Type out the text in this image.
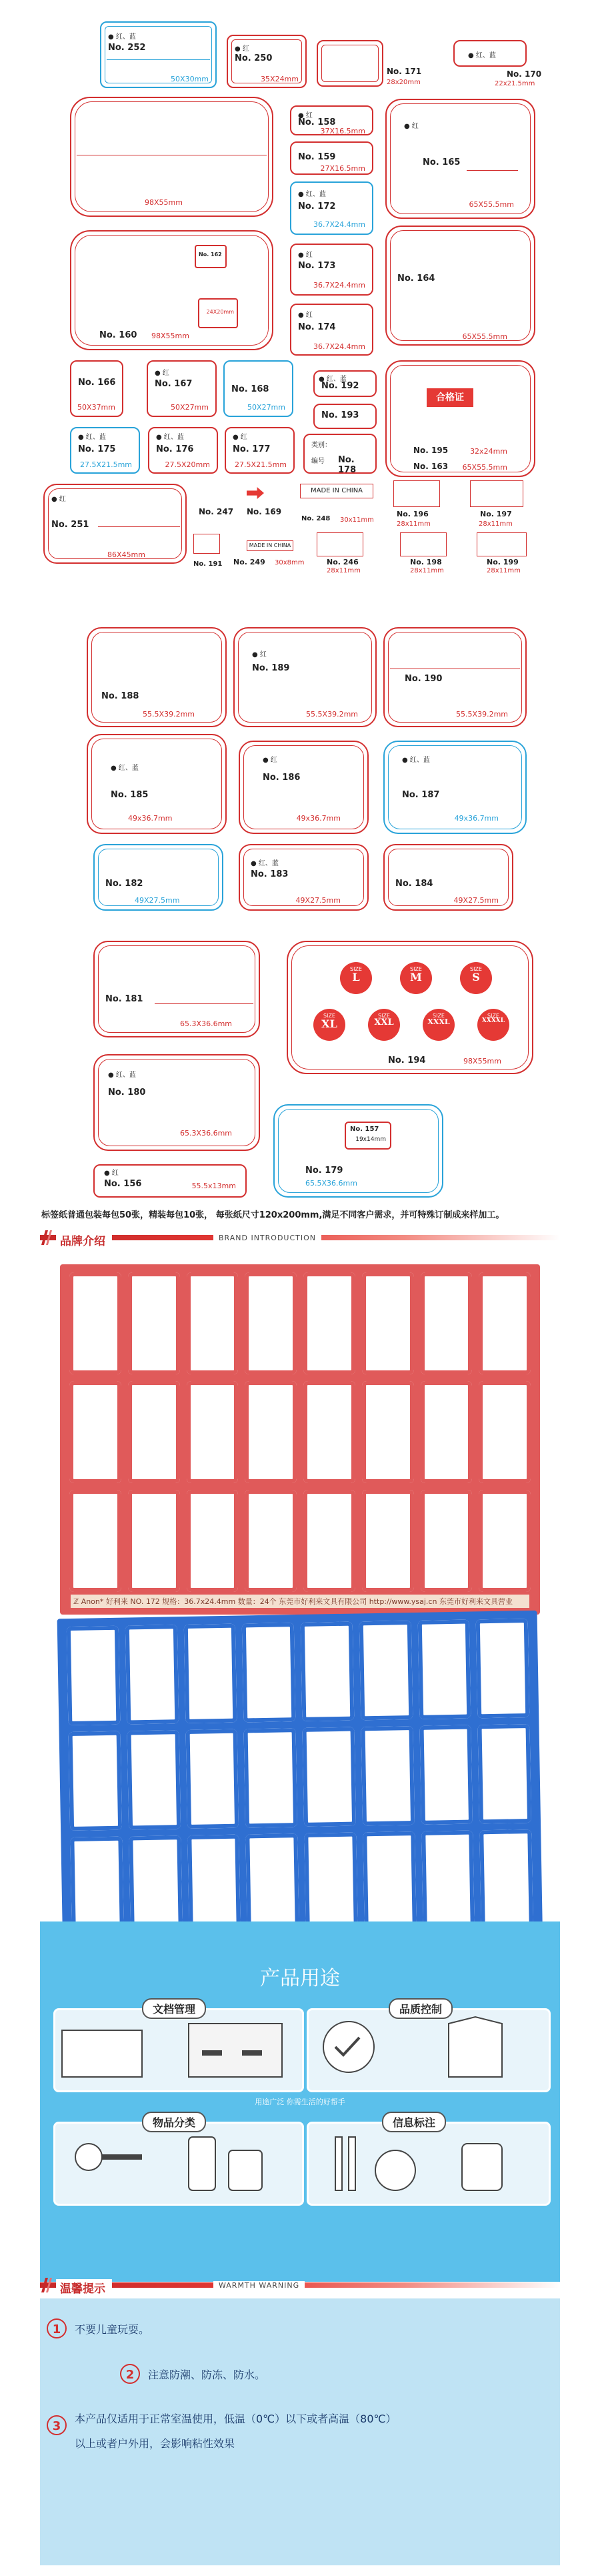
● 红、蓝
No. 252
50X30mm
● 红
No. 250
35X24mm
No. 171
28x20mm
● 红、蓝
No. 170
22x21.5mm
98X55mm
● 红
No. 158
37X16.5mm
No. 159
27X16.5mm
● 红、蓝
No. 172
36.7X24.4mm
● 红
No. 165
65X55.5mm
No. 162
24X20mm
No. 160 98X55mm
● 红
No. 173
36.7X24.4mm
● 红
No. 174
36.7X24.4mm
No. 164
65X55.5mm
No. 166
50X37mm
● 红
No. 167
50X27mm
No. 168
50X27mm
● 红、蓝
No. 192
No. 193
合格证
No. 195	32x24mm
No. 163 65X55.5mm
● 红、蓝
No. 175
27.5X21.5mm
● 红、蓝
No. 176
27.5X20mm
● 红
No. 177
27.5X21.5mm
类别：
编号 No. 178
● 红
No. 251
86X45mm
No. 247 No. 169
MADE IN CHINA
No. 248 30x11mm
No. 196
28x11mm
No. 197
28x11mm
No. 191
MADE IN CHINA
No. 249 30x8mm	No. 246
28x11mm
No. 198
28x11mm
No. 199
28x11mm
No. 188
55.5X39.2mm
● 红
No. 189
55.5X39.2mm
No. 190
55.5X39.2mm
● 红、蓝
No. 185
49x36.7mm
● 红
No. 186
49x36.7mm
● 红、蓝
No. 187
49x36.7mm
No. 182
49X27.5mm
● 红、蓝
No. 183
49X27.5mm
No. 184
49X27.5mm
No. 181
65.3X36.6mm
No. 194	98X55mm
SIZE
L
SIZE
M
SIZE
S
SIZE
XL
SIZE
XXL
SIZE
XXXL
SIZE
XXXXL
● 红、蓝
No. 180
65.3X36.6mm	No. 157
19x14mm
No. 179
65.5X36.6mm
● 红
No. 156	55.5x13mm
标签纸普通包装每包50张，精装每包10张， 每张纸尺寸120x200mm,满足不同客户需求，并可特殊订制成来样加工。
品牌介绍	BRAND INTRODUCTION
ℤ Anon* 好利来 NO. 172 规格：36.7x24.4mm 数量：24个 东莞市好利来文具有限公司 http://www.ysaj.cn 东莞市好利来文具营业
产品用途
文档管理	品质控制
物品分类	信息标注
用途广泛 你需生活的好帮手
温馨提示	WARMTH WARNING
1	不要儿童玩耍。
2	注意防潮、防冻、防水。
3
本产品仅适用于正常室温使用，低温（0℃）以下或者高温（80℃）
以上或者户外用，会影响粘性效果
